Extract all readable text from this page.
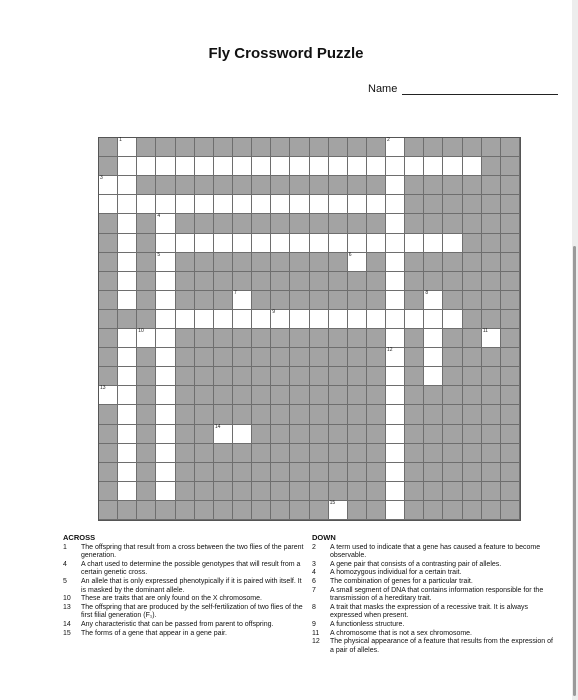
Fly Crossword Puzzle
Name
1	2
3
4
5	6
7	8
9
10	11
12
13
14
15
ACROSS
1	The offspring that result from a cross between the two flies of the parent generation.
4	A chart used to determine the possible genotypes that will result from a certain genetic cross.
5	An allele that is only expressed phenotypically if it is paired with itself. It is masked by the dominant allele.
10	These are traits that are only found on the X chromosome.
13	The offspring that are produced by the self-fertilization of two flies of the first filial generation (F₁).
14	Any characteristic that can be passed from parent to offspring.
15	The forms of a gene that appear in a gene pair.
DOWN
2	A term used to indicate that a gene has caused a feature to become observable.
3	A gene pair that consists of a contrasting pair of alleles.
4	A homozygous individual for a certain trait.
6	The combination of genes for a particular trait.
7	A small segment of DNA that contains information responsible for the transmission of a hereditary trait.
8	A trait that masks the expression of a recessive trait. It is always expressed when present.
9	A functionless structure.
11	A chromosome that is not a sex chromosome.
12	The physical appearance of a feature that results from the expression of a pair of alleles.
